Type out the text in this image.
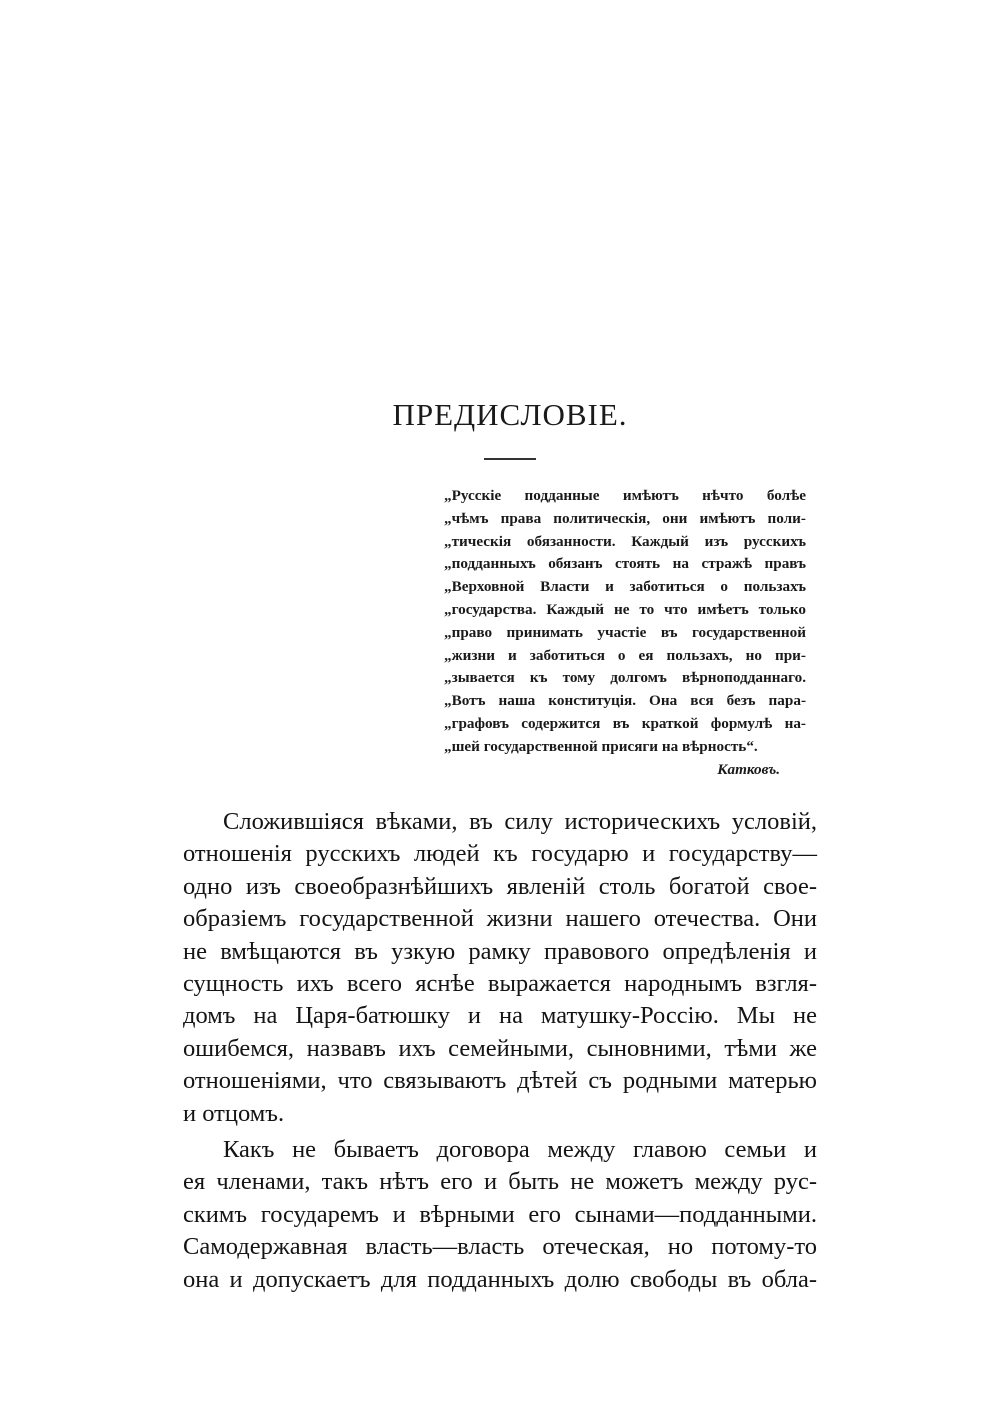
ПРЕДИСЛОВІЕ.
„Русскіе подданные имѣютъ нѣчто болѣе
„чѣмъ права политическія, они имѣютъ поли-
„тическія обязанности. Каждый изъ русскихъ
„подданныхъ обязанъ стоять на стражѣ правъ
„Верховной Власти и заботиться о пользахъ
„государства. Каждый не то что имѣетъ только
„право принимать участіе въ государственной
„жизни и заботиться о ея пользахъ, но при-
„зывается къ тому долгомъ вѣрноподданнаго.
„Вотъ наша конституція. Она вся безъ пара-
„графовъ содержится въ краткой формулѣ на-
„шей государственной присяги на вѣрность“.
Катковъ.
Сложившіяся вѣками, въ силу историческихъ условій,
отношенія русскихъ людей къ государю и государству—
одно изъ своеобразнѣйшихъ явленій столь богатой свое-
образіемъ государственной жизни нашего отечества. Они
не вмѣщаются въ узкую рамку правового опредѣленія и
сущность ихъ всего яснѣе выражается народнымъ взгля-
домъ на Царя-батюшку и на матушку-Россію. Мы не
ошибемся, назвавъ ихъ семейными, сыновними, тѣми же
отношеніями, что связываютъ дѣтей съ родными матерью
и отцомъ.
Какъ не бываетъ договора между главою семьи и
ея членами, такъ нѣтъ его и быть не можетъ между рус-
скимъ государемъ и вѣрными его сынами—подданными.
Самодержавная власть—власть отеческая, но потому-то
она и допускаетъ для подданныхъ долю свободы въ обла-
